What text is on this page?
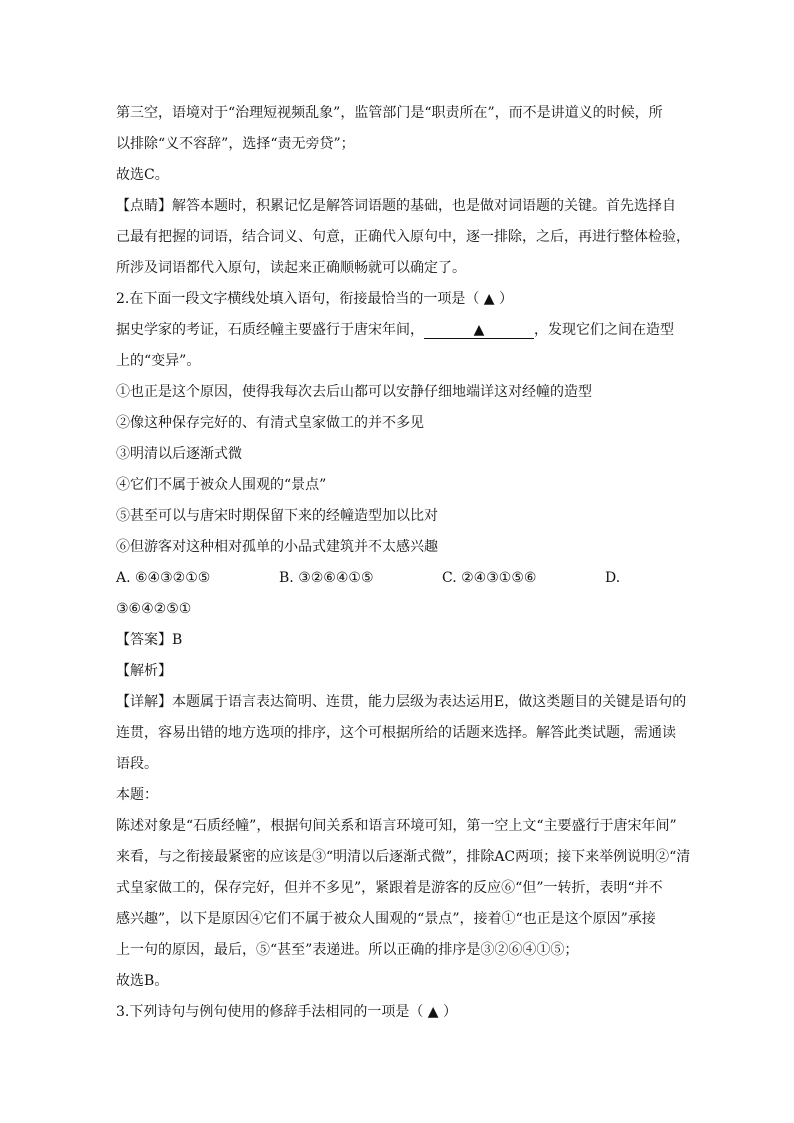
第三空，语境对于“治理短视频乱象”，监管部门是“职责所在”，而不是讲道义的时候，所

以排除“义不容辞”，选择“责无旁贷”；

故选C。

【点睛】解答本题时，积累记忆是解答词语题的基础，也是做对词语题的关键。首先选择自

己最有把握的词语，结合词义、句意，正确代入原句中，逐一排除，之后，再进行整体检验，

所涉及词语都代入原句，读起来正确顺畅就可以确定了。

2.在下面一段文字横线处填入语句，衔接最恰当的一项是（ ▲ ）

据史学家的考证，石质经幢主要盛行于唐宋年间，	▲	，发现它们之间在造型

上的“变异”。

①也正是这个原因，使得我每次去后山都可以安静仔细地端详这对经幢的造型

②像这种保存完好的、有清式皇家做工的并不多见

③明清以后逐渐式微

④它们不属于被众人围观的“景点”

⑤甚至可以与唐宋时期保留下来的经幢造型加以比对

⑥但游客对这种相对孤单的小品式建筑并不太感兴趣

A. ⑥④③②①⑤	B. ③②⑥④①⑤	C. ②④③①⑤⑥	D.

③⑥④②⑤①

【答案】B

【解析】

【详解】本题属于语言表达简明、连贯，能力层级为表达运用E，做这类题目的关键是语句的

连贯，容易出错的地方选项的排序，这个可根据所给的话题来选择。解答此类试题，需通读

语段。

本题：

陈述对象是“石质经幢”，根据句间关系和语言环境可知，第一空上文“主要盛行于唐宋年间”

来看，与之衔接最紧密的应该是③“明清以后逐渐式微”，排除AC两项；接下来举例说明②“清

式皇家做工的，保存完好，但并不多见”，紧跟着是游客的反应⑥“但”一转折，表明“并不

感兴趣”，以下是原因④它们不属于被众人围观的“景点”，接着①“也正是这个原因”承接

上一句的原因，最后，⑤“甚至”表递进。所以正确的排序是③②⑥④①⑤；

故选B。

3.下列诗句与例句使用的修辞手法相同的一项是（ ▲ ）
